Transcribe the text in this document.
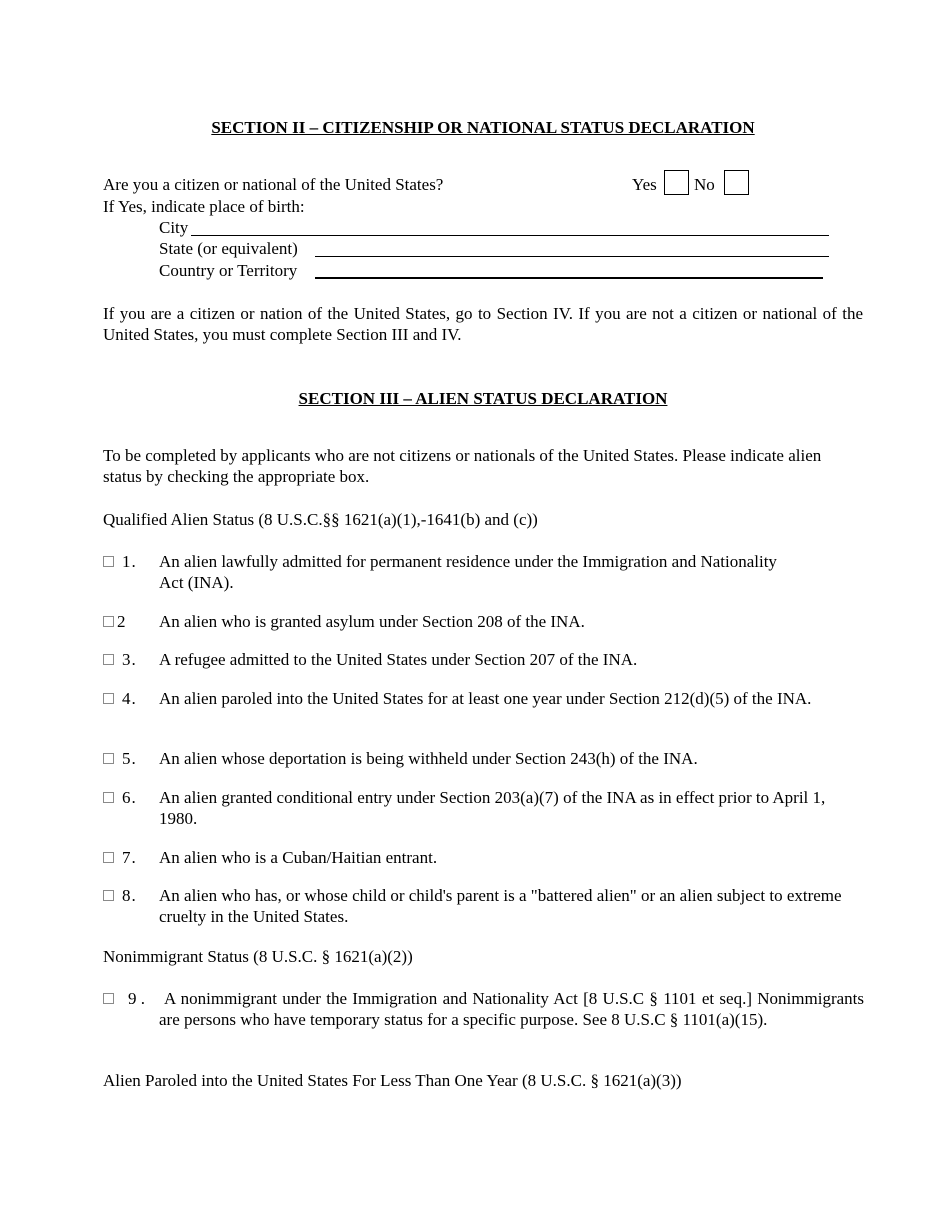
SECTION II – CITIZENSHIP OR NATIONAL STATUS DECLARATION
Are you a citizen or national of the United States?	Yes No
If Yes, indicate place of birth:
City
State (or equivalent)
Country or Territory
If you are a citizen or nation of the United States, go to Section IV. If you are not a citizen or national of the United States, you must complete Section III and IV.
SECTION III – ALIEN STATUS DECLARATION
To be completed by applicants who are not citizens or nationals of the United States. Please indicate alien status by checking the appropriate box.
Qualified Alien Status (8 U.S.C.§§ 1621(a)(1),-1641(b) and (c))
1. An alien lawfully admitted for permanent residence under the Immigration and Nationality Act (INA).
2 An alien who is granted asylum under Section 208 of the INA.
3. A refugee admitted to the United States under Section 207 of the INA.
4. An alien paroled into the United States for at least one year under Section 212(d)(5) of the INA.
5. An alien whose deportation is being withheld under Section 243(h) of the INA.
6. An alien granted conditional entry under Section 203(a)(7) of the INA as in effect prior to April 1, 1980.
7. An alien who is a Cuban/Haitian entrant.
8. An alien who has, or whose child or child's parent is a "battered alien" or an alien subject to extreme cruelty in the United States.
Nonimmigrant Status (8 U.S.C. § 1621(a)(2))
9 . A nonimmigrant under the Immigration and Nationality Act [8 U.S.C § 1101 et seq.] Nonimmigrants are persons who have temporary status for a specific purpose. See 8 U.S.C § 1101(a)(15).
Alien Paroled into the United States For Less Than One Year (8 U.S.C. § 1621(a)(3))
